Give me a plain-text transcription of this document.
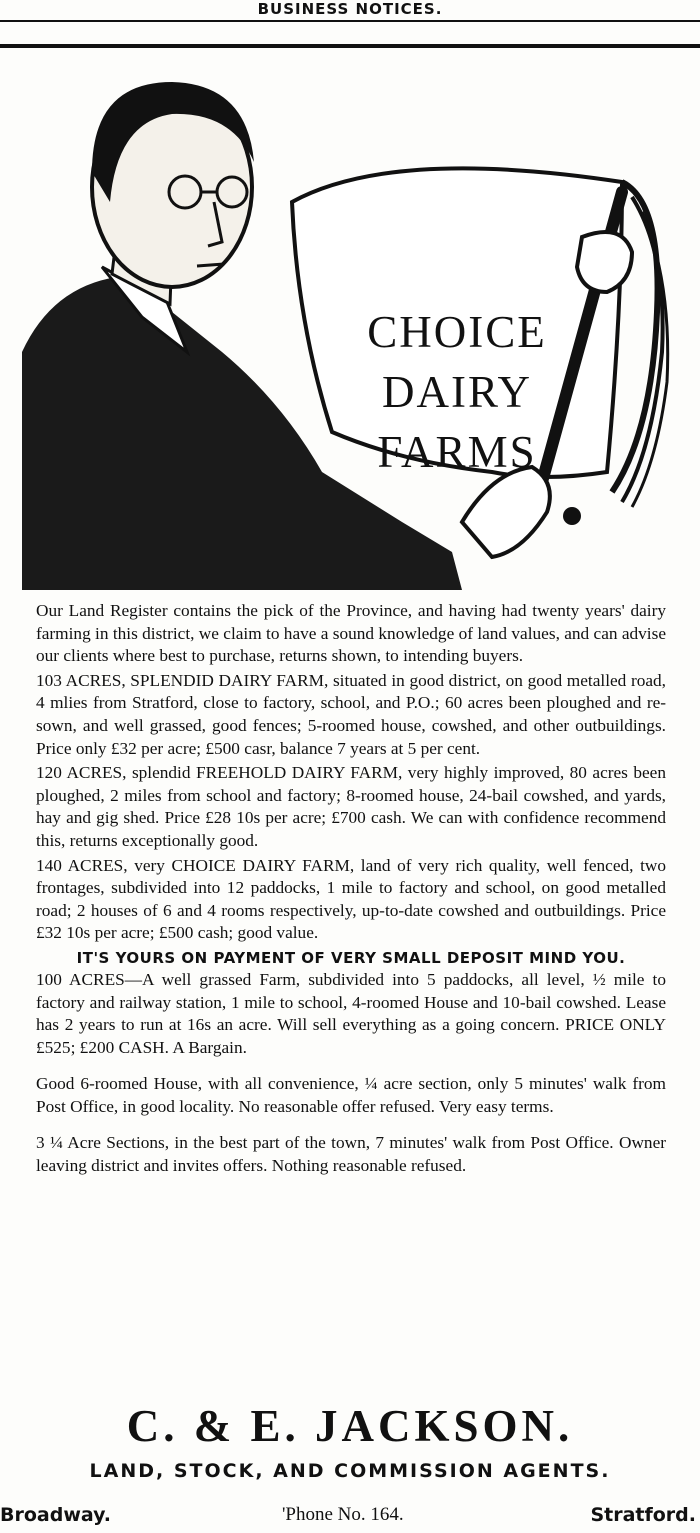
BUSINESS NOTICES.
CHOICE
DAIRY
FARMS

Our Land Register contains the pick of the Province, and having had twenty years' dairy farming in this district, we claim to have a sound knowledge of land values, and can advise our clients where best to purchase, returns shown, to intending buyers.

103 ACRES, SPLENDID DAIRY FARM, situated in good district, on good metalled road, 4 mlies from Stratford, close to factory, school, and P.O.; 60 acres been ploughed and re-sown, and well grassed, good fences; 5-roomed house, cowshed, and other outbuildings. Price only £32 per acre; £500 casr, balance 7 years at 5 per cent.

120 ACRES, splendid FREEHOLD DAIRY FARM, very highly improved, 80 acres been ploughed, 2 miles from school and factory; 8-roomed house, 24-bail cowshed, and yards, hay and gig shed. Price £28 10s per acre; £700 cash. We can with confidence recommend this, returns exceptionally good.

140 ACRES, very CHOICE DAIRY FARM, land of very rich quality, well fenced, two frontages, subdivided into 12 paddocks, 1 mile to factory and school, on good metalled road; 2 houses of 6 and 4 rooms respectively, up-to-date cowshed and outbuildings. Price £32 10s per acre; £500 cash; good value.

IT'S YOURS ON PAYMENT OF VERY SMALL DEPOSIT MIND YOU.

100 ACRES—A well grassed Farm, subdivided into 5 paddocks, all level, ½ mile to factory and railway station, 1 mile to school, 4-roomed House and 10-bail cowshed. Lease has 2 years to run at 16s an acre. Will sell everything as a going concern. PRICE ONLY £525; £200 CASH. A Bargain.

Good 6-roomed House, with all convenience, ¼ acre section, only 5 minutes' walk from Post Office, in good locality. No reasonable offer refused. Very easy terms.

3 ¼ Acre Sections, in the best part of the town, 7 minutes' walk from Post Office. Owner leaving district and invites offers. Nothing reasonable refused.

C. & E. JACKSON.
LAND, STOCK, AND COMMISSION AGENTS.
Broadway.	'Phone No. 164.	Stratford.
